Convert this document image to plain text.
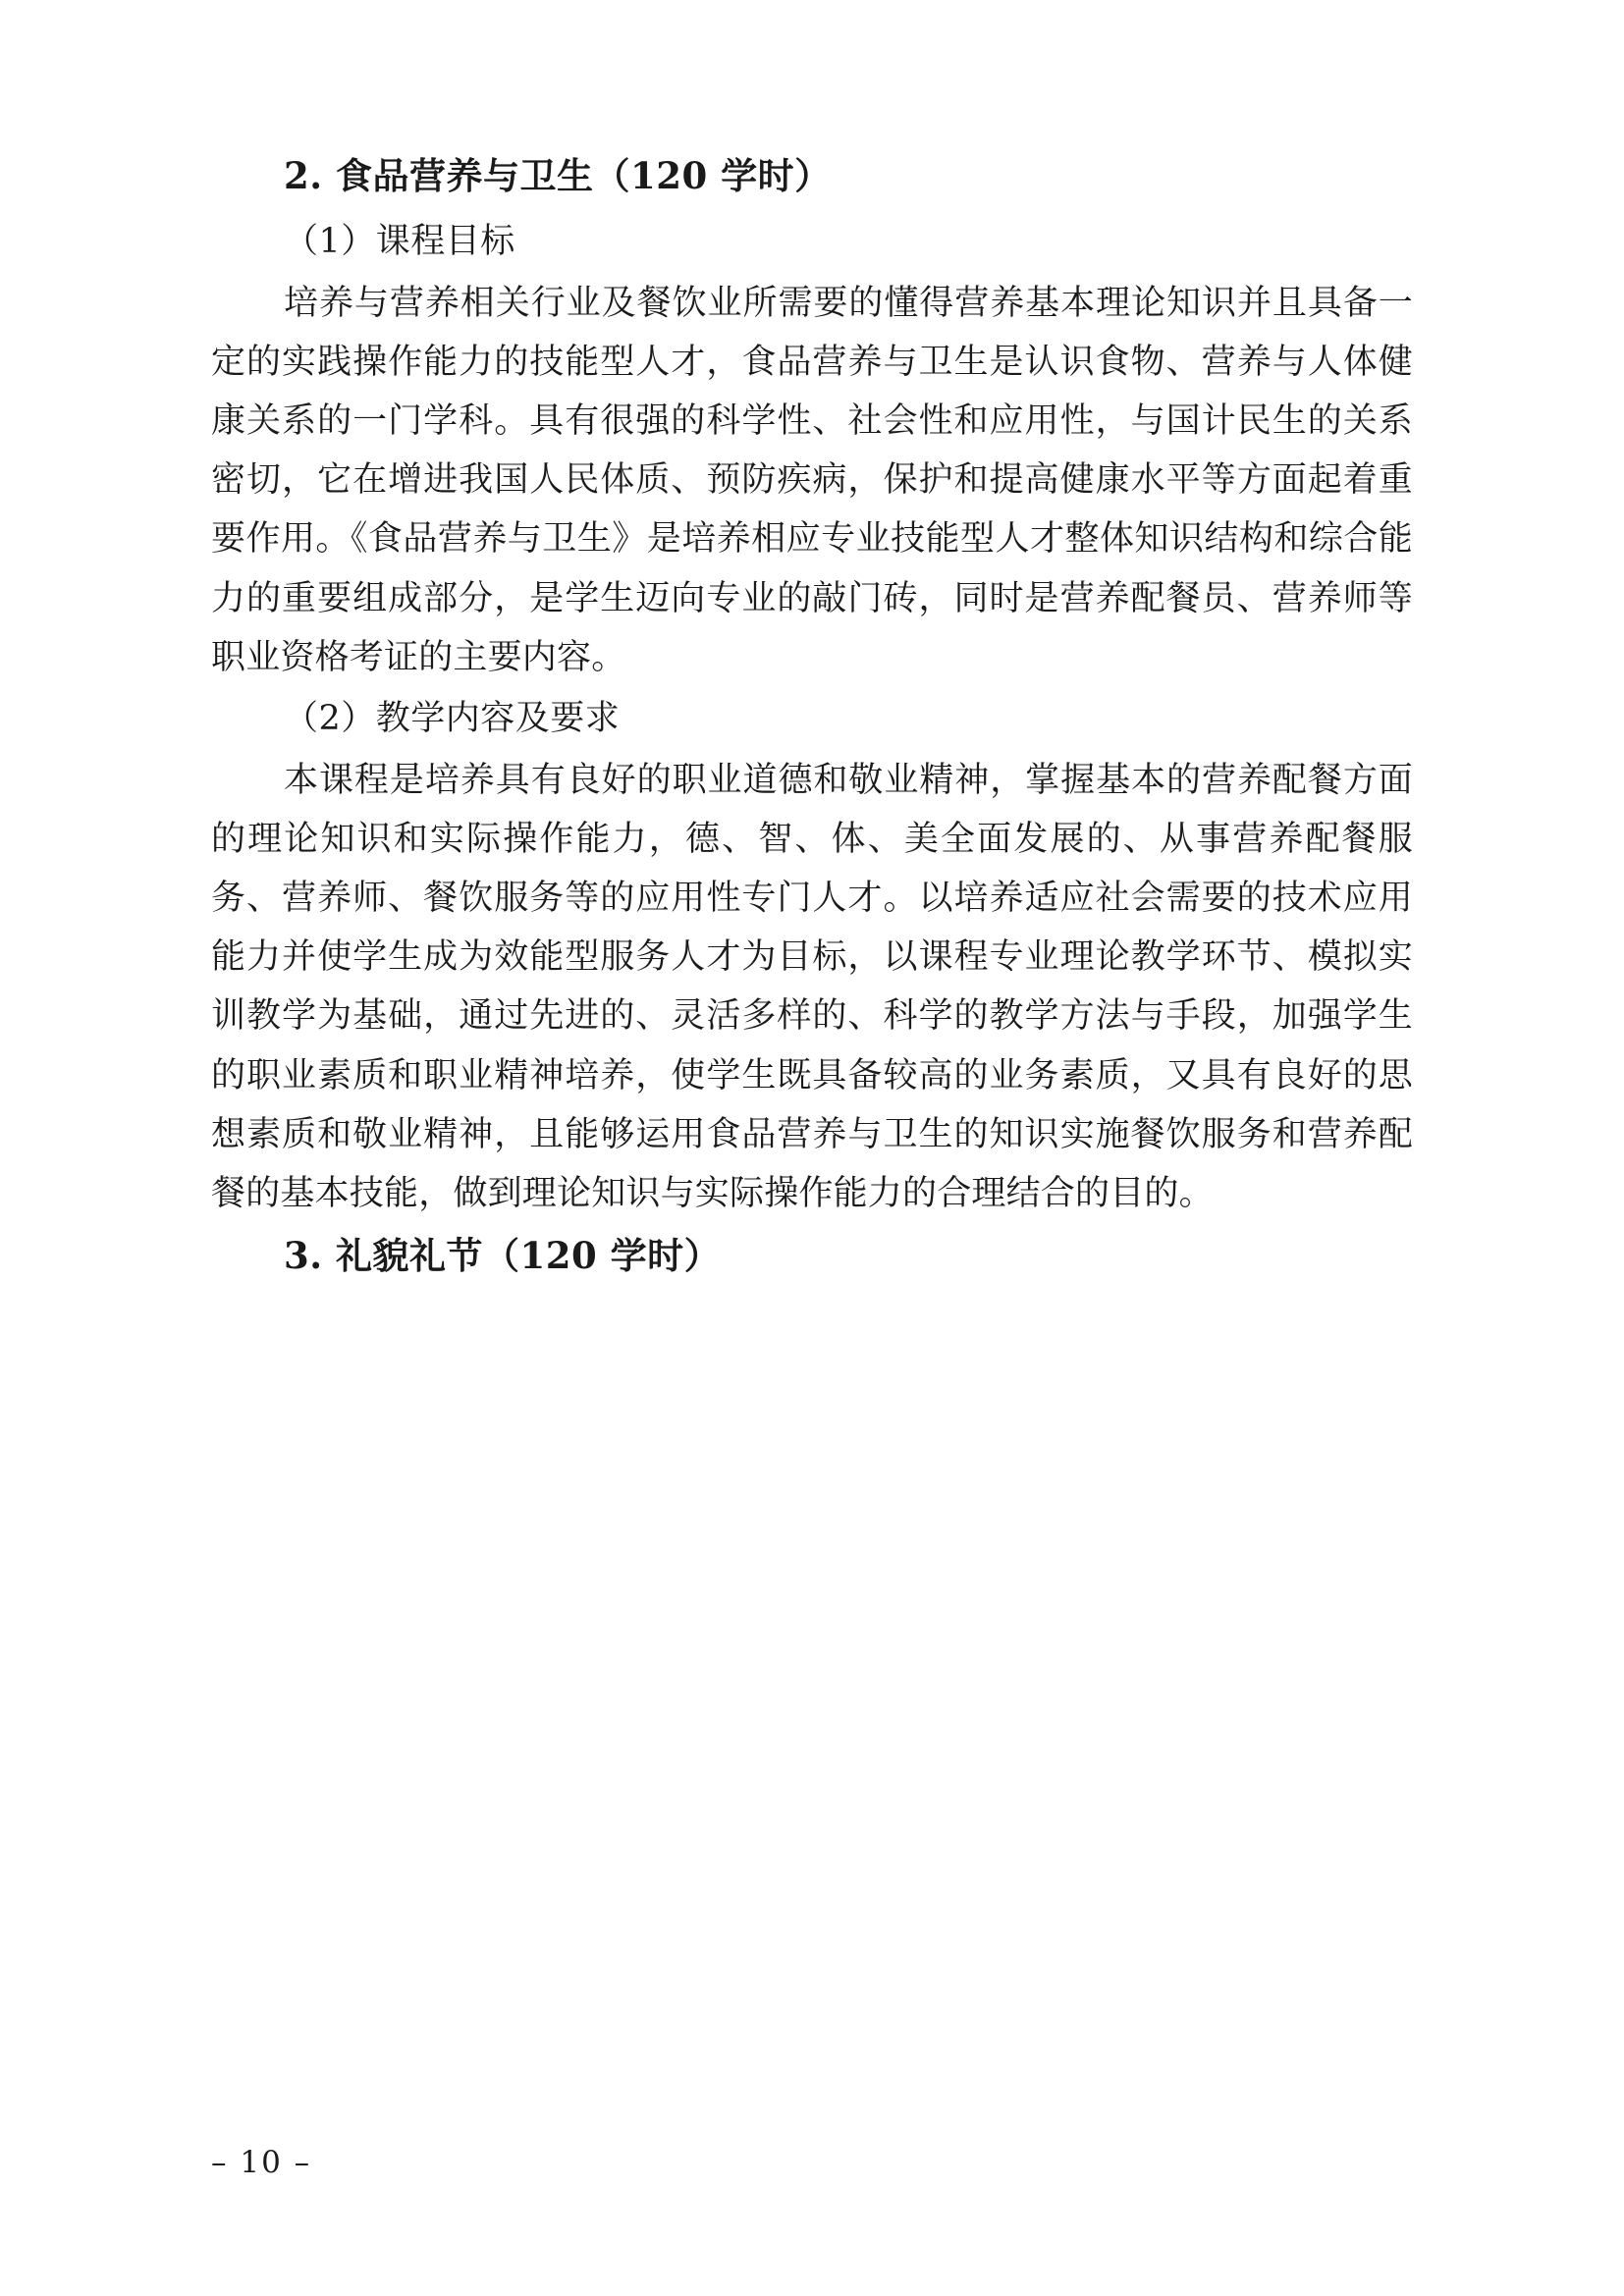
2. 食品营养与卫生（120 学时）
（1）课程目标

培养与营养相关行业及餐饮业所需要的懂得营养基本理论知识并且具备一定的实践操作能力的技能型人才，食品营养与卫生是认识食物、营养与人体健康关系的一门学科。具有很强的科学性、社会性和应用性，与国计民生的关系密切，它在增进我国人民体质、预防疾病，保护和提高健康水平等方面起着重要作用。《食品营养与卫生》是培养相应专业技能型人才整体知识结构和综合能力的重要组成部分，是学生迈向专业的敲门砖，同时是营养配餐员、营养师等职业资格考证的主要内容。

（2）教学内容及要求

本课程是培养具有良好的职业道德和敬业精神，掌握基本的营养配餐方面的理论知识和实际操作能力，德、智、体、美全面发展的、从事营养配餐服务、营养师、餐饮服务等的应用性专门人才。以培养适应社会需要的技术应用能力并使学生成为效能型服务人才为目标，以课程专业理论教学环节、模拟实训教学为基础，通过先进的、灵活多样的、科学的教学方法与手段，加强学生的职业素质和职业精神培养，使学生既具备较高的业务素质，又具有良好的思想素质和敬业精神，且能够运用食品营养与卫生的知识实施餐饮服务和营养配餐的基本技能，做到理论知识与实际操作能力的合理结合的目的。

3. 礼貌礼节（120 学时）
– 10 –
